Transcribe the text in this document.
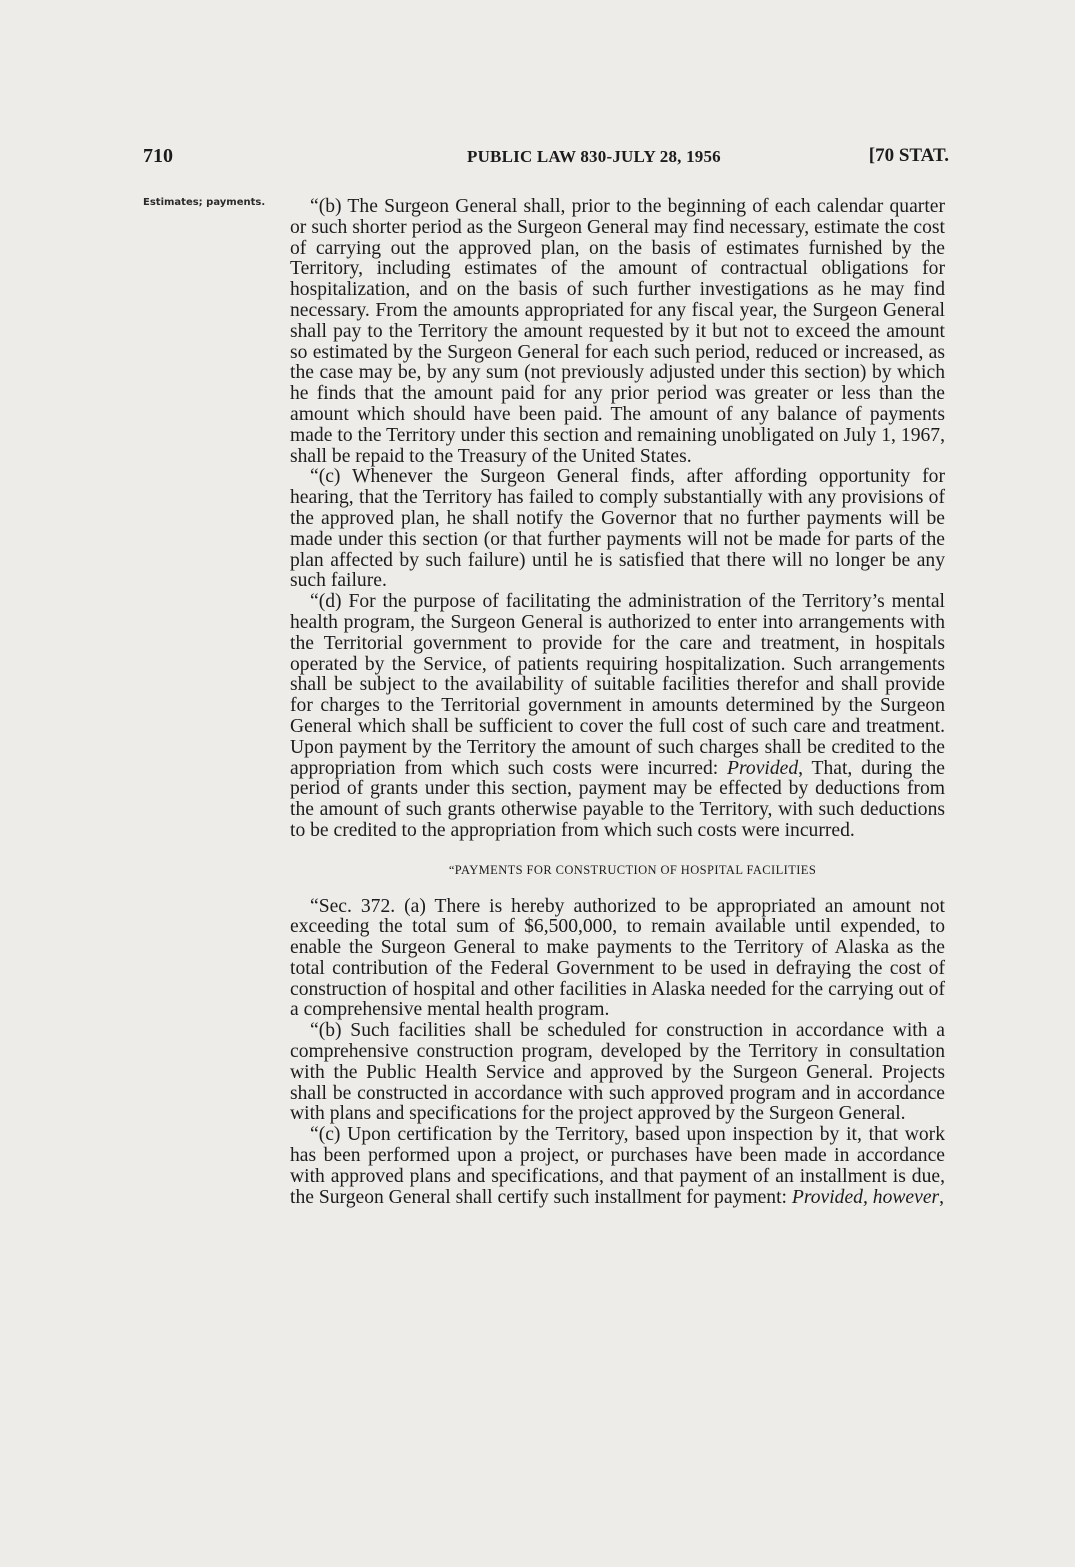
710	PUBLIC LAW 830-JULY 28, 1956	[70 STAT.
Estimates; payments.	“(b) The Surgeon General shall, prior to the beginning of each calendar quarter or such shorter period as the Surgeon General may find necessary, estimate the cost of carrying out the approved plan, on the basis of estimates furnished by the Territory, including estimates of the amount of contractual obligations for hospitalization, and on the basis of such further investigations as he may find necessary. From the amounts appropriated for any fiscal year, the Surgeon General shall pay to the Territory the amount requested by it but not to exceed the amount so estimated by the Surgeon General for each such period, reduced or increased, as the case may be, by any sum (not previously adjusted under this section) by which he finds that the amount paid for any prior period was greater or less than the amount which should have been paid. The amount of any balance of payments made to the Territory under this section and remaining unobligated on July 1, 1967, shall be repaid to the Treasury of the United States.

“(c) Whenever the Surgeon General finds, after affording opportunity for hearing, that the Territory has failed to comply substantially with any provisions of the approved plan, he shall notify the Governor that no further payments will be made under this section (or that further payments will not be made for parts of the plan affected by such failure) until he is satisfied that there will no longer be any such failure.

“(d) For the purpose of facilitating the administration of the Territory’s mental health program, the Surgeon General is authorized to enter into arrangements with the Territorial government to provide for the care and treatment, in hospitals operated by the Service, of patients requiring hospitalization. Such arrangements shall be subject to the availability of suitable facilities therefor and shall provide for charges to the Territorial government in amounts determined by the Surgeon General which shall be sufficient to cover the full cost of such care and treatment. Upon payment by the Territory the amount of such charges shall be credited to the appropriation from which such costs were incurred: Provided, That, during the period of grants under this section, payment may be effected by deductions from the amount of such grants otherwise payable to the Territory, with such deductions to be credited to the appropriation from which such costs were incurred.

“PAYMENTS FOR CONSTRUCTION OF HOSPITAL FACILITIES

“Sec. 372. (a) There is hereby authorized to be appropriated an amount not exceeding the total sum of $6,500,000, to remain available until expended, to enable the Surgeon General to make payments to the Territory of Alaska as the total contribution of the Federal Government to be used in defraying the cost of construction of hospital and other facilities in Alaska needed for the carrying out of a comprehensive mental health program.

“(b) Such facilities shall be scheduled for construction in accordance with a comprehensive construction program, developed by the Territory in consultation with the Public Health Service and approved by the Surgeon General. Projects shall be constructed in accordance with such approved program and in accordance with plans and specifications for the project approved by the Surgeon General.

“(c) Upon certification by the Territory, based upon inspection by it, that work has been performed upon a project, or purchases have been made in accordance with approved plans and specifications, and that payment of an installment is due, the Surgeon General shall certify such installment for payment: Provided, however,
